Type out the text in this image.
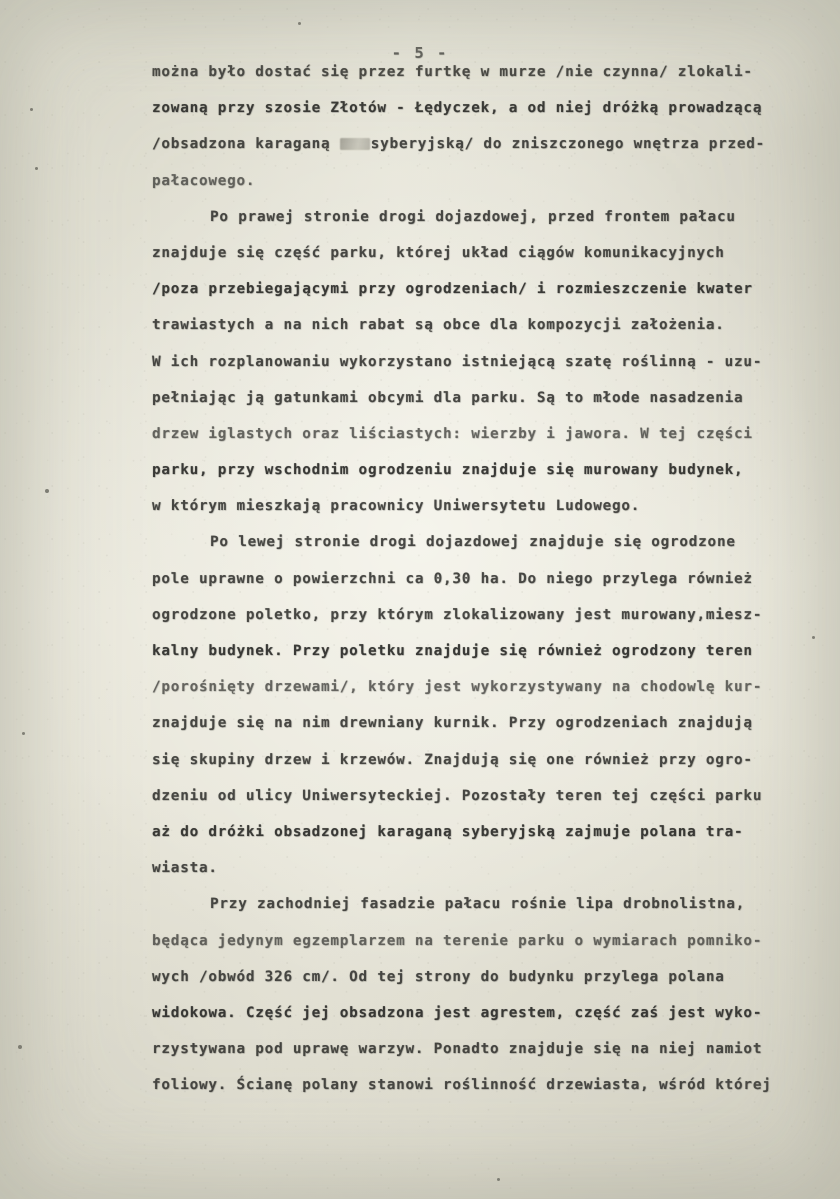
- 5 -
można było dostać się przez furtkę w murze /nie czynna/ zlokali-
zowaną przy szosie Złotów - Łędyczek, a od niej dróżką prowadzącą
/obsadzona karaganą syberyjską/ do zniszczonego wnętrza przed-
pałacowego.
Po prawej stronie drogi dojazdowej, przed frontem pałacu
znajduje się część parku, której układ ciągów komunikacyjnych
/poza przebiegającymi przy ogrodzeniach/ i rozmieszczenie kwater
trawiastych a na nich rabat są obce dla kompozycji założenia.
W ich rozplanowaniu wykorzystano istniejącą szatę roślinną - uzu-
pełniając ją gatunkami obcymi dla parku. Są to młode nasadzenia
drzew iglastych oraz liściastych: wierzby i jawora. W tej części
parku, przy wschodnim ogrodzeniu znajduje się murowany budynek,
w którym mieszkają pracownicy Uniwersytetu Ludowego.
Po lewej stronie drogi dojazdowej znajduje się ogrodzone
pole uprawne o powierzchni ca 0,30 ha. Do niego przylega również
ogrodzone poletko, przy którym zlokalizowany jest murowany,miesz-
kalny budynek. Przy poletku znajduje się również ogrodzony teren
/porośnięty drzewami/, który jest wykorzystywany na chodowlę kur-
znajduje się na nim drewniany kurnik. Przy ogrodzeniach znajdują
się skupiny drzew i krzewów. Znajdują się one również przy ogro-
dzeniu od ulicy Uniwersyteckiej. Pozostały teren tej części parku
aż do dróżki obsadzonej karaganą syberyjską zajmuje polana tra-
wiasta.
Przy zachodniej fasadzie pałacu rośnie lipa drobnolistna,
będąca jedynym egzemplarzem na terenie parku o wymiarach pomniko-
wych /obwód 326 cm/. Od tej strony do budynku przylega polana
widokowa. Część jej obsadzona jest agrestem, część zaś jest wyko-
rzystywana pod uprawę warzyw. Ponadto znajduje się na niej namiot
foliowy. Ścianę polany stanowi roślinność drzewiasta, wśród której
